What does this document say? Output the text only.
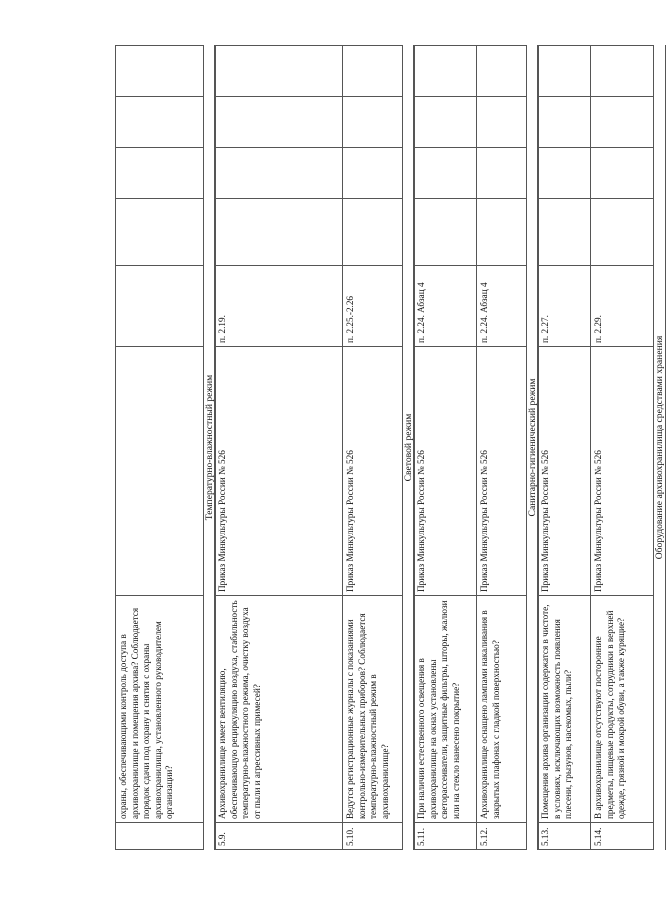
	охраны, обеспечивающими контроль доступа в архивохранилище и помещения архива? Соблюдается порядок сдачи под охрану и снятия с охраны архивохранилища, установленного руководителем организации?						
Температурно-влажностный режим
5.9.	Архивохранилище имеет вентиляцию, обеспечивающую рециркуляцию воздуха, стабильность температурно-влажностного режима, очистку воздуха от пыли и агрессивных примесей?	Приказ Минкультуры России № 526	п. 2.19.				
5.10.	Ведутся регистрационные журналы с показаниями контрольно-измерительных приборов? Соблюдается температурно-влажностный режим в архивохранилище?	Приказ Минкультуры России № 526	п. 2.25.-2.26				
Световой режим
5.11.	При наличии естественного освещения в архивохранилище на окнах установлены светорассеиватели, защитные фильтры, шторы, жалюзи или на стекло нанесено покрытие?	Приказ Минкультуры России № 526	п. 2.24. Абзац 4				
5.12.	Архивохранилище оснащено лампами накаливания в закрытых плафонах с гладкой поверхностью?	Приказ Минкультуры России № 526	п. 2.24. Абзац 4				
Санитарно-гигиенический режим
5.13.	Помещения архива организации содержатся в чистоте, в условиях, исключающих возможность появления плесени, грызунов, насекомых, пыли?	Приказ Минкультуры России № 526	п. 2.27.				
5.14.	В архивохранилище отсутствуют посторонние предметы, пищевые продукты, сотрудники в верхней одежде, грязной и мокрой обуви, а также курящие?	Приказ Минкультуры России № 526	п. 2.29.				
Оборудование архивохранилища средствами хранения
